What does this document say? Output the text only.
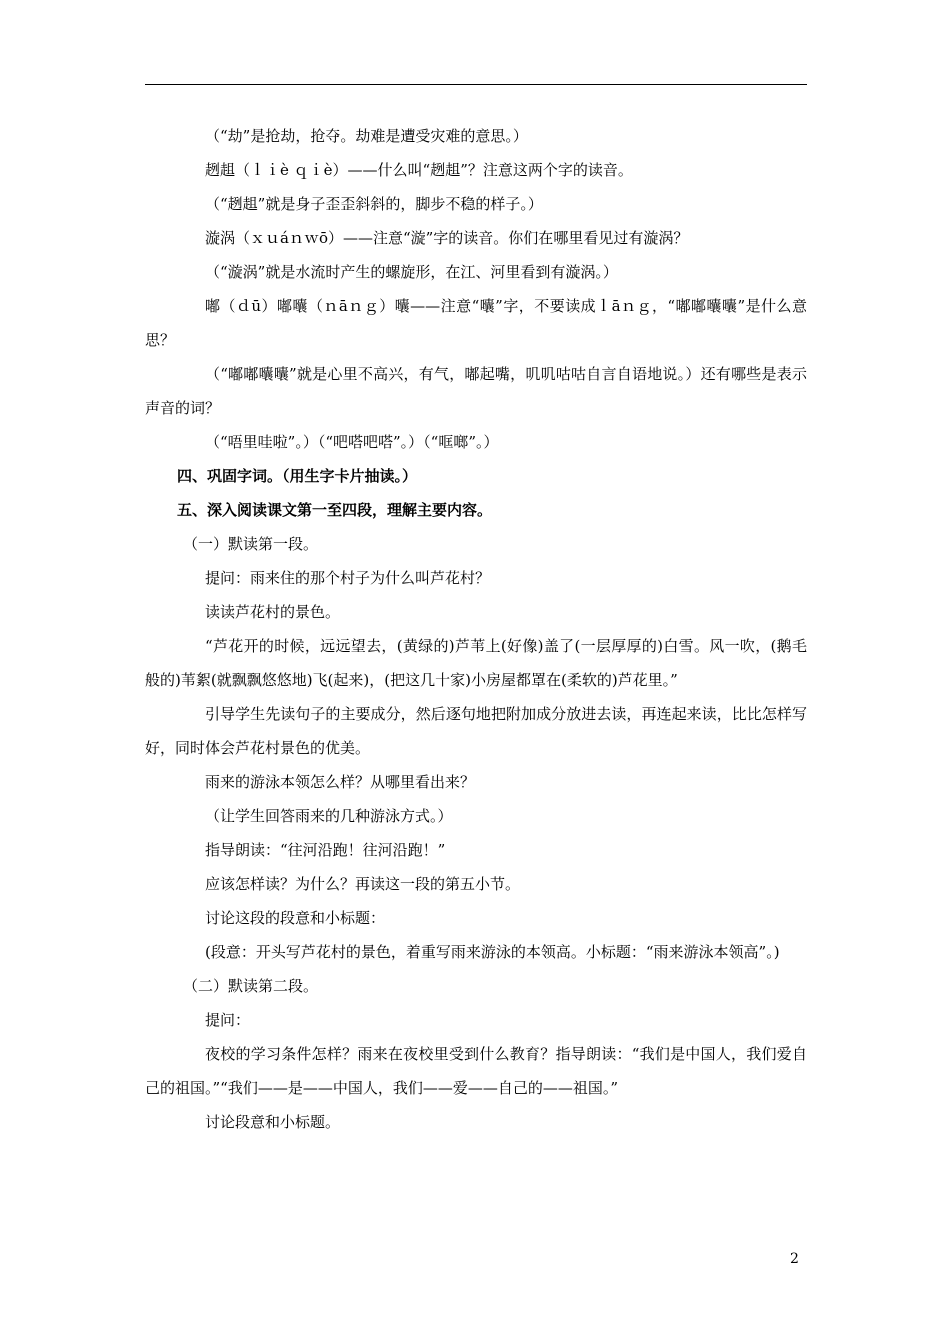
（“劫”是抢劫，抢夺。劫难是遭受灾难的意思。）

趔趄（ｌｉè ｑｉè）——什么叫“趔趄”？注意这两个字的读音。

（“趔趄”就是身子歪歪斜斜的，脚步不稳的样子。）

漩涡（ｘｕáｎｗō）——注意“漩”字的读音。你们在哪里看见过有漩涡？

（“漩涡”就是水流时产生的螺旋形，在江、河里看到有漩涡。）

嘟（ｄū）嘟囔（ｎāｎｇ）囔——注意“囔”字，不要读成ｌāｎｇ，“嘟嘟囔囔”是什么意思？

（“嘟嘟囔囔”就是心里不高兴，有气，嘟起嘴，叽叽咕咕自言自语地说。）还有哪些是表示声音的词？

（“唔里哇啦”。）（“吧嗒吧嗒”。）（“哐啷”。）

四、巩固字词。（用生字卡片抽读。）

五、深入阅读课文第一至四段，理解主要内容。

（一）默读第一段。

提问：雨来住的那个村子为什么叫芦花村？

读读芦花村的景色。

“芦花开的时候，远远望去，(黄绿的)芦苇上(好像)盖了(一层厚厚的)白雪。风一吹，(鹅毛般的)苇絮(就飘飘悠悠地)飞(起来)，(把这几十家)小房屋都罩在(柔软的)芦花里。”

引导学生先读句子的主要成分，然后逐句地把附加成分放进去读，再连起来读，比比怎样写好，同时体会芦花村景色的优美。

雨来的游泳本领怎么样？从哪里看出来？

（让学生回答雨来的几种游泳方式。）

指导朗读：“往河沿跑！往河沿跑！”

应该怎样读？为什么？再读这一段的第五小节。

讨论这段的段意和小标题：

(段意：开头写芦花村的景色，着重写雨来游泳的本领高。小标题：“雨来游泳本领高”。)

（二）默读第二段。

提问：

夜校的学习条件怎样？雨来在夜校里受到什么教育？指导朗读：“我们是中国人，我们爱自己的祖国。”“我们——是——中国人，我们——爱——自己的——祖国。”

讨论段意和小标题。

2
